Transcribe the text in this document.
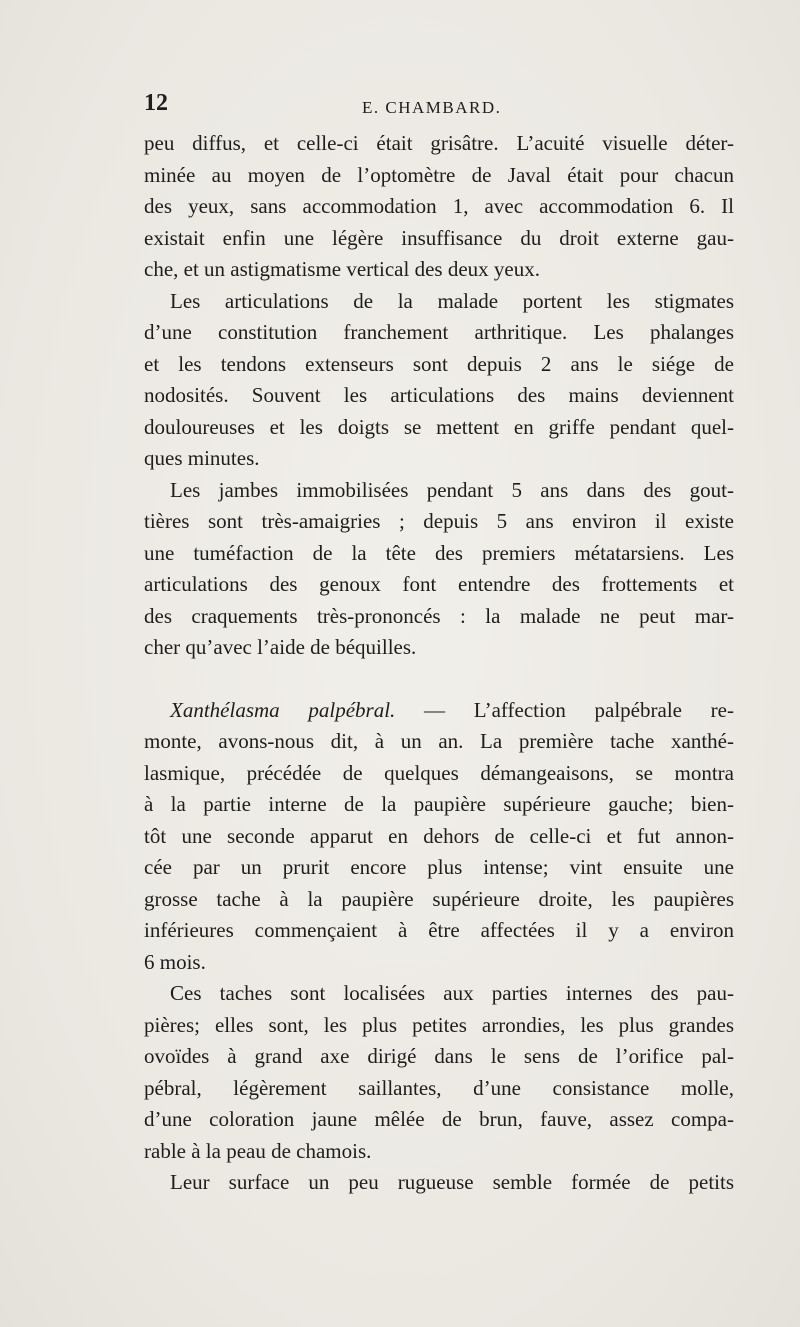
12	E. CHAMBARD.
peu diffus, et celle-ci était grisâtre. L’acuité visuelle déter-
minée au moyen de l’optomètre de Javal était pour chacun
des yeux, sans accommodation 1, avec accommodation 6. Il
existait enfin une légère insuffisance du droit externe gau-
che, et un astigmatisme vertical des deux yeux.
Les articulations de la malade portent les stigmates
d’une constitution franchement arthritique. Les phalanges
et les tendons extenseurs sont depuis 2 ans le siége de
nodosités. Souvent les articulations des mains deviennent
douloureuses et les doigts se mettent en griffe pendant quel-
ques minutes.
Les jambes immobilisées pendant 5 ans dans des gout-
tières sont très-amaigries ; depuis 5 ans environ il existe
une tuméfaction de la tête des premiers métatarsiens. Les
articulations des genoux font entendre des frottements et
des craquements très-prononcés : la malade ne peut mar-
cher qu’avec l’aide de béquilles.
Xanthélasma palpébral. — L’affection palpébrale re-
monte, avons-nous dit, à un an. La première tache xanthé-
lasmique, précédée de quelques démangeaisons, se montra
à la partie interne de la paupière supérieure gauche; bien-
tôt une seconde apparut en dehors de celle-ci et fut annon-
cée par un prurit encore plus intense; vint ensuite une
grosse tache à la paupière supérieure droite, les paupières
inférieures commençaient à être affectées il y a environ
6 mois.
Ces taches sont localisées aux parties internes des pau-
pières; elles sont, les plus petites arrondies, les plus grandes
ovoïdes à grand axe dirigé dans le sens de l’orifice pal-
pébral, légèrement saillantes, d’une consistance molle,
d’une coloration jaune mêlée de brun, fauve, assez compa-
rable à la peau de chamois.
Leur surface un peu rugueuse semble formée de petits
